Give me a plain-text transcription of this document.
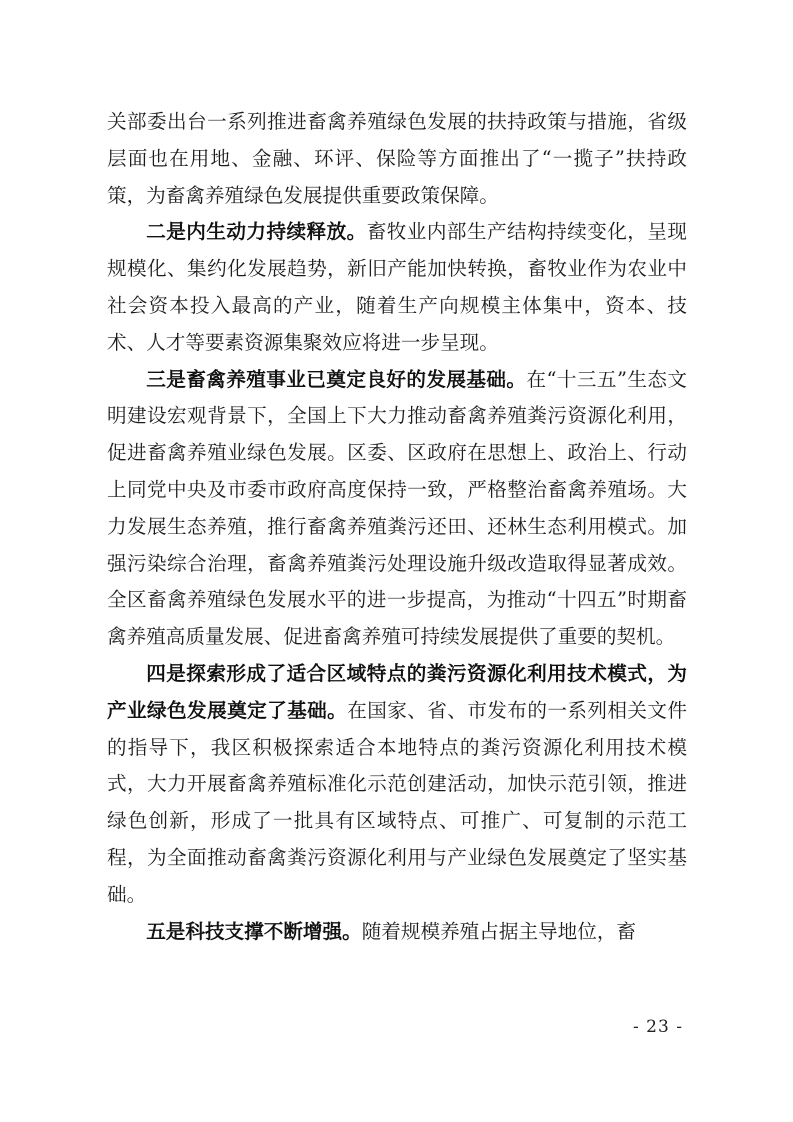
关部委出台一系列推进畜禽养殖绿色发展的扶持政策与措施，省级层面也在用地、金融、环评、保险等方面推出了“一揽子”扶持政策，为畜禽养殖绿色发展提供重要政策保障。

二是内生动力持续释放。畜牧业内部生产结构持续变化，呈现规模化、集约化发展趋势，新旧产能加快转换，畜牧业作为农业中社会资本投入最高的产业，随着生产向规模主体集中，资本、技术、人才等要素资源集聚效应将进一步呈现。

三是畜禽养殖事业已奠定良好的发展基础。在“十三五”生态文明建设宏观背景下，全国上下大力推动畜禽养殖粪污资源化利用，促进畜禽养殖业绿色发展。区委、区政府在思想上、政治上、行动上同党中央及市委市政府高度保持一致，严格整治畜禽养殖场。大力发展生态养殖，推行畜禽养殖粪污还田、还林生态利用模式。加强污染综合治理，畜禽养殖粪污处理设施升级改造取得显著成效。全区畜禽养殖绿色发展水平的进一步提高，为推动“十四五”时期畜禽养殖高质量发展、促进畜禽养殖可持续发展提供了重要的契机。

四是探索形成了适合区域特点的粪污资源化利用技术模式，为产业绿色发展奠定了基础。在国家、省、市发布的一系列相关文件的指导下，我区积极探索适合本地特点的粪污资源化利用技术模式，大力开展畜禽养殖标准化示范创建活动，加快示范引领，推进绿色创新，形成了一批具有区域特点、可推广、可复制的示范工程，为全面推动畜禽粪污资源化利用与产业绿色发展奠定了坚实基础。

五是科技支撑不断增强。随着规模养殖占据主导地位，畜

- 23 -
